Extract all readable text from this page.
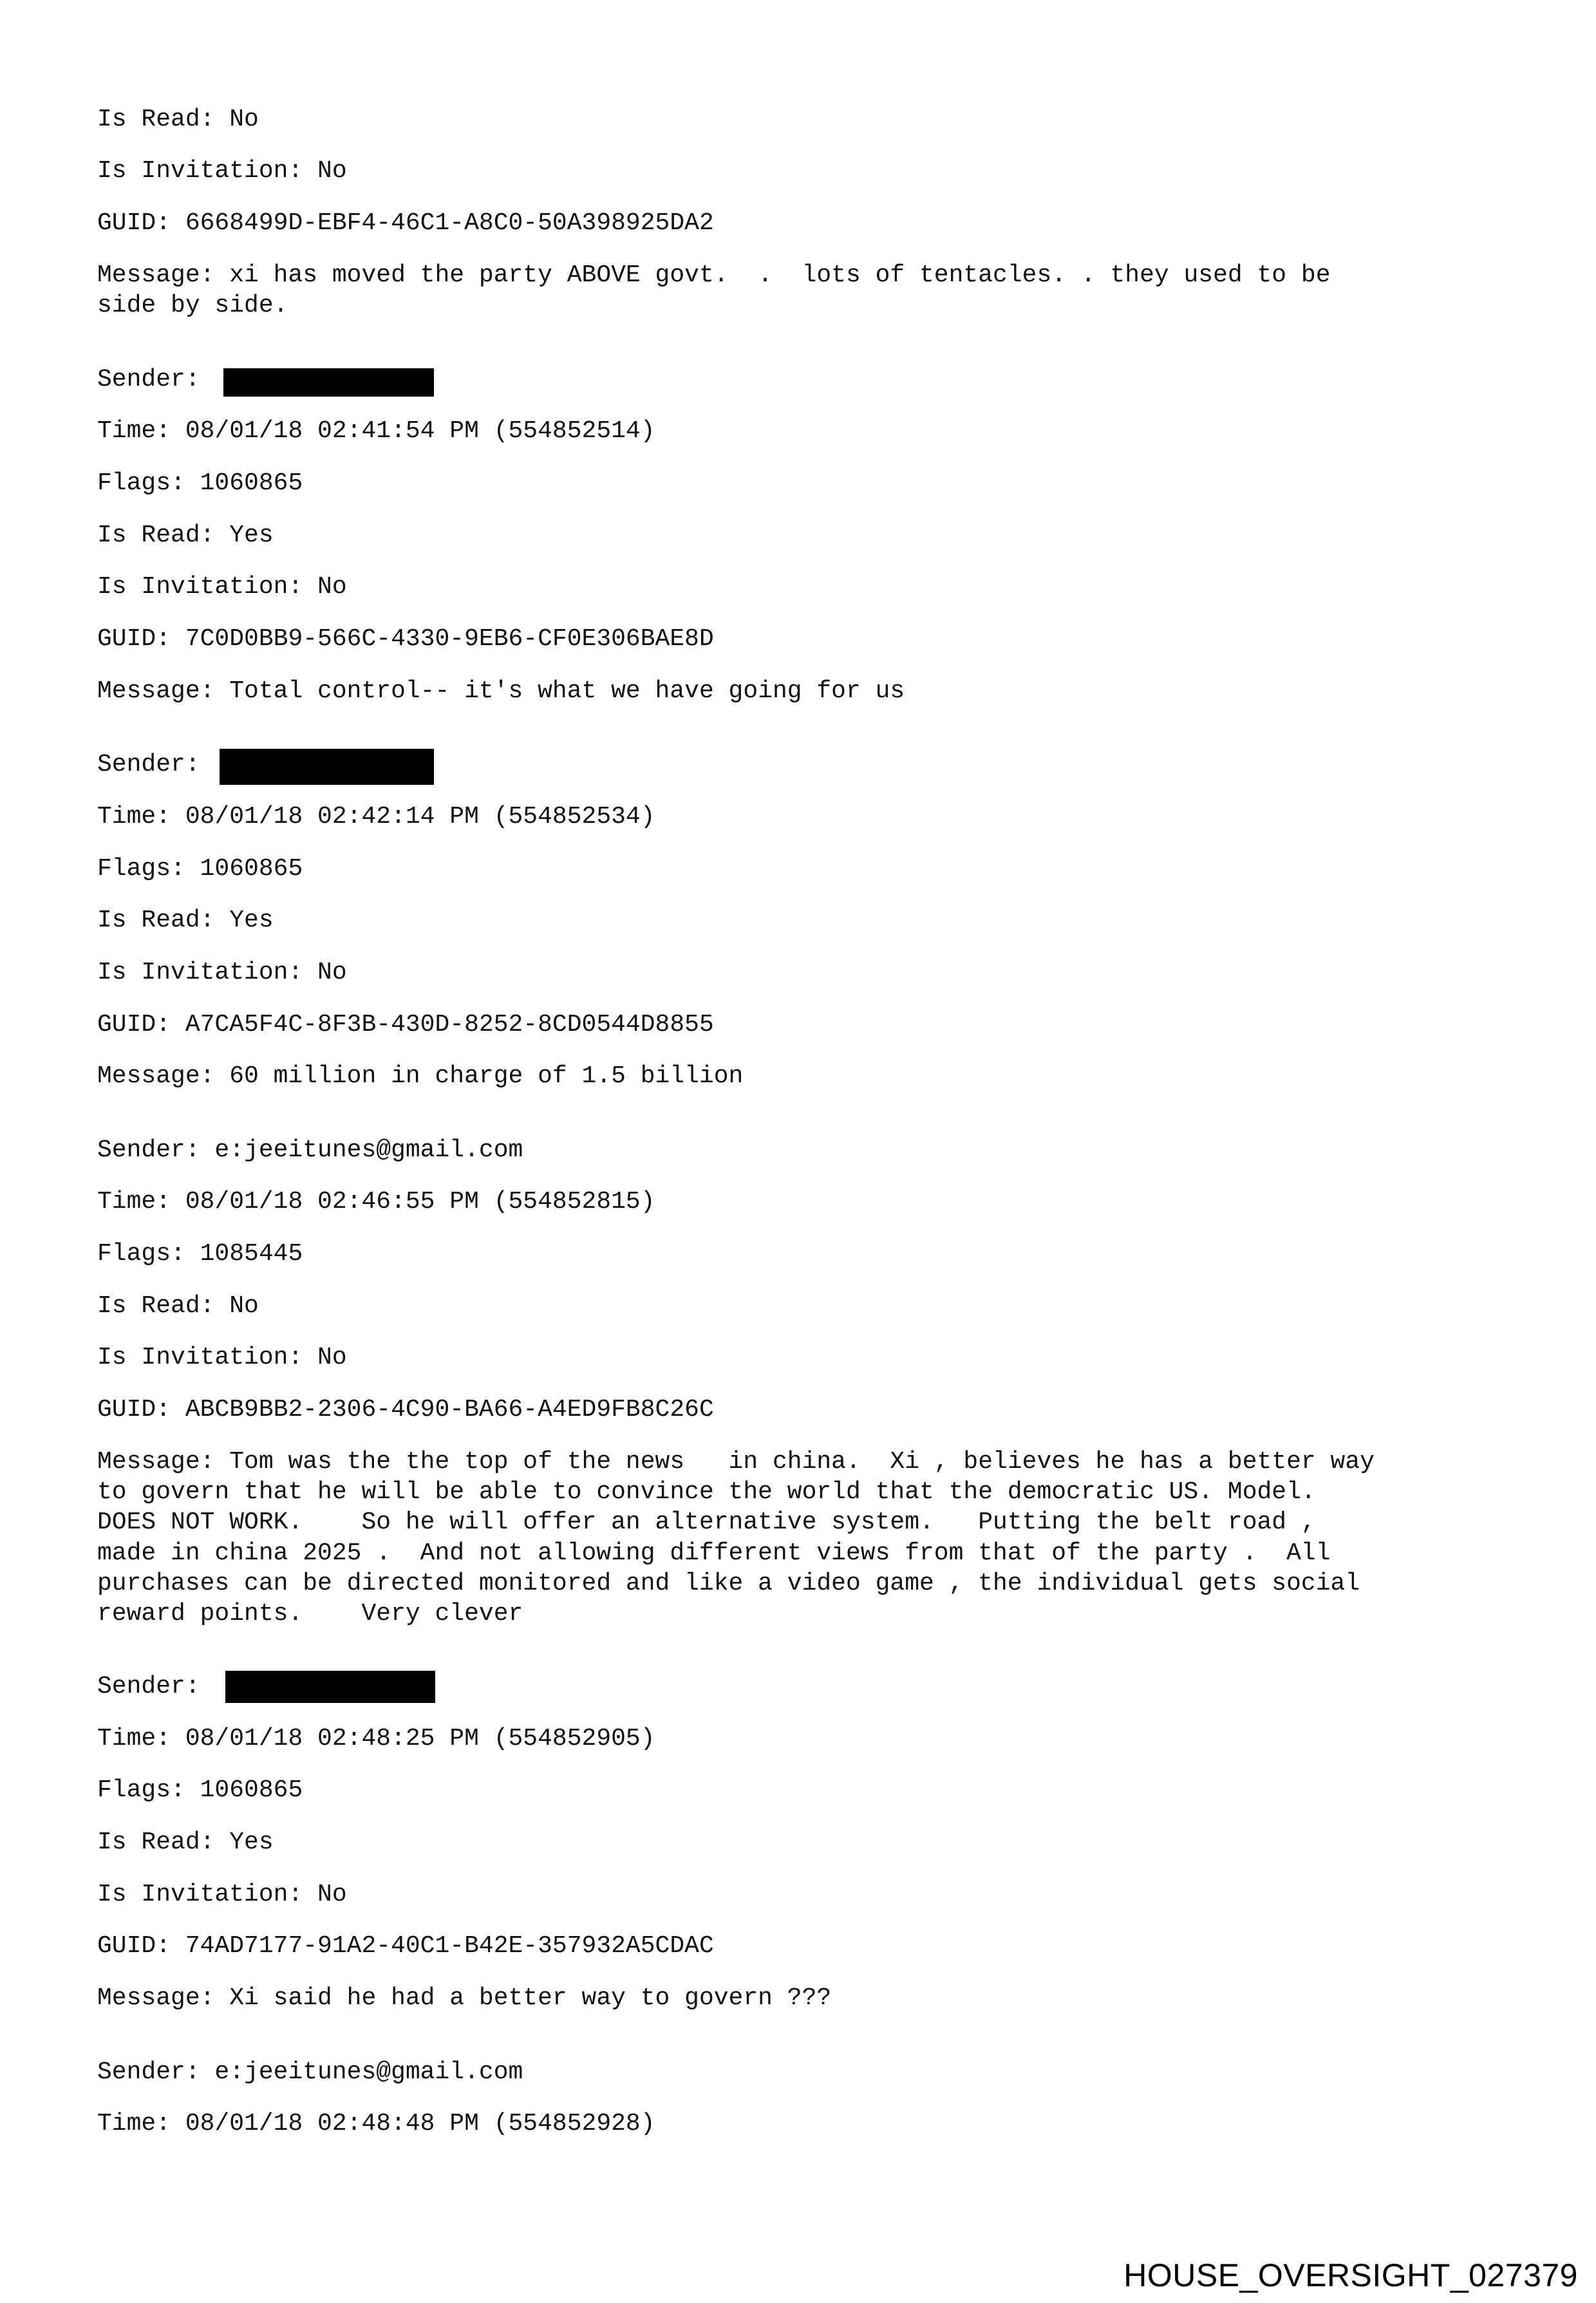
Is Read: No
Is Invitation: No
GUID: 6668499D-EBF4-46C1-A8C0-50A398925DA2
Message: xi has moved the party ABOVE govt.  .  lots of tentacles. . they used to be
side by side.
Sender:
Time: 08/01/18 02:41:54 PM (554852514)
Flags: 1060865
Is Read: Yes
Is Invitation: No
GUID: 7C0D0BB9-566C-4330-9EB6-CF0E306BAE8D
Message: Total control-- it's what we have going for us
Sender:
Time: 08/01/18 02:42:14 PM (554852534)
Flags: 1060865
Is Read: Yes
Is Invitation: No
GUID: A7CA5F4C-8F3B-430D-8252-8CD0544D8855
Message: 60 million in charge of 1.5 billion
Sender: e:jeeitunes@gmail.com
Time: 08/01/18 02:46:55 PM (554852815)
Flags: 1085445
Is Read: No
Is Invitation: No
GUID: ABCB9BB2-2306-4C90-BA66-A4ED9FB8C26C
Message: Tom was the the top of the news   in china.  Xi , believes he has a better way
to govern that he will be able to convince the world that the democratic US. Model.
DOES NOT WORK.    So he will offer an alternative system.   Putting the belt road ,
made in china 2025 .  And not allowing different views from that of the party .  All
purchases can be directed monitored and like a video game , the individual gets social
reward points.    Very clever
Sender:
Time: 08/01/18 02:48:25 PM (554852905)
Flags: 1060865
Is Read: Yes
Is Invitation: No
GUID: 74AD7177-91A2-40C1-B42E-357932A5CDAC
Message: Xi said he had a better way to govern ???
Sender: e:jeeitunes@gmail.com
Time: 08/01/18 02:48:48 PM (554852928)
HOUSE_OVERSIGHT_027379
